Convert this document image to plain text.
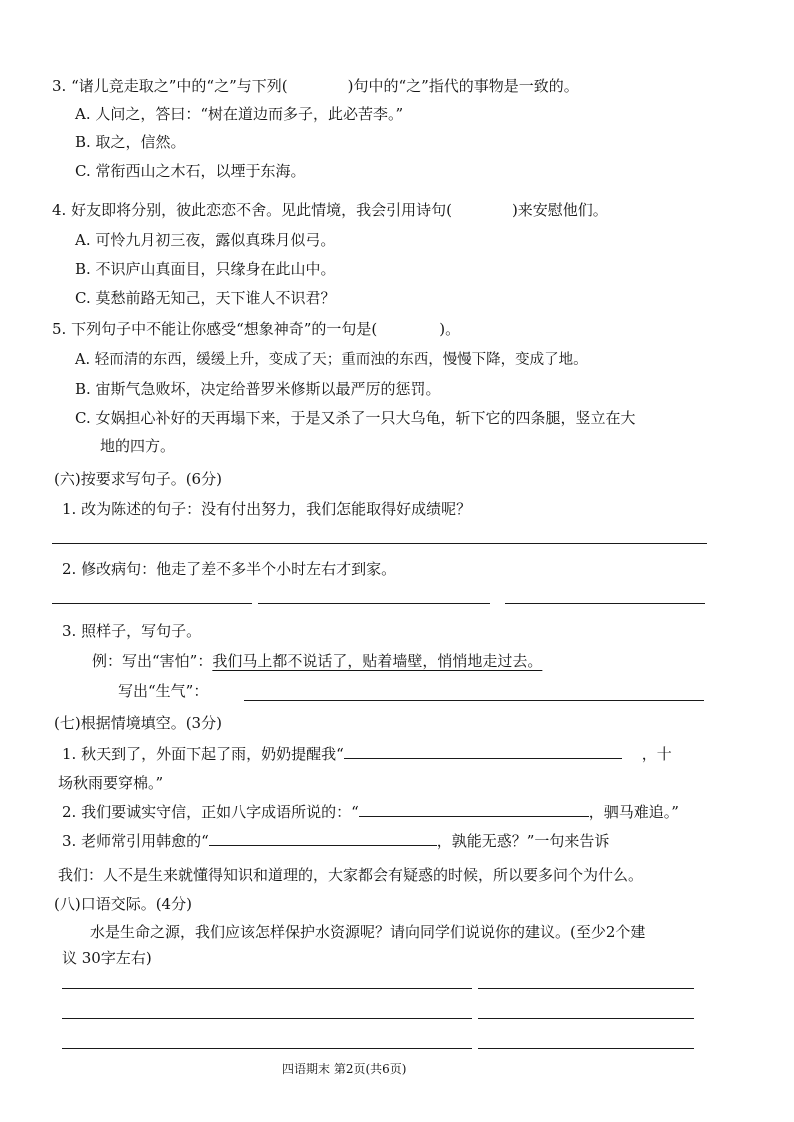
3. “诸儿竞走取之”中的“之”与下列(	)句中的“之”指代的事物是一致的。
A. 人问之，答曰：“树在道边而多子，此必苦李。”
B. 取之，信然。
C. 常衔西山之木石，以堙于东海。
4. 好友即将分别，彼此恋恋不舍。见此情境，我会引用诗句(	)来安慰他们。
A. 可怜九月初三夜，露似真珠月似弓。
B. 不识庐山真面目，只缘身在此山中。
C. 莫愁前路无知己，天下谁人不识君？
5. 下列句子中不能让你感受“想象神奇”的一句是(	)。
A. 轻而清的东西，缓缓上升，变成了天；重而浊的东西，慢慢下降，变成了地。
B. 宙斯气急败坏，决定给普罗米修斯以最严厉的惩罚。
C. 女娲担心补好的天再塌下来，于是又杀了一只大乌龟，斩下它的四条腿，竖立在大
地的四方。
(六)按要求写句子。(6分)
1. 改为陈述的句子：没有付出努力，我们怎能取得好成绩呢？
2. 修改病句：他走了差不多半个小时左右才到家。
3. 照样子，写句子。
例：写出“害怕”：我们马上都不说话了，贴着墙壁，悄悄地走过去。
写出“生气”：
(七)根据情境填空。(3分)
1. 秋天到了，外面下起了雨，奶奶提醒我“	，十
场秋雨要穿棉。”
2. 我们要诚实守信，正如八字成语所说的：“	，驷马难追。”
3. 老师常引用韩愈的“	，孰能无惑？”一句来告诉
我们：人不是生来就懂得知识和道理的，大家都会有疑惑的时候，所以要多问个为什么。
(八)口语交际。(4分)
水是生命之源，我们应该怎样保护水资源呢？请向同学们说说你的建议。(至少2个建
议 30字左右)
四语期末 第2页(共6页)
